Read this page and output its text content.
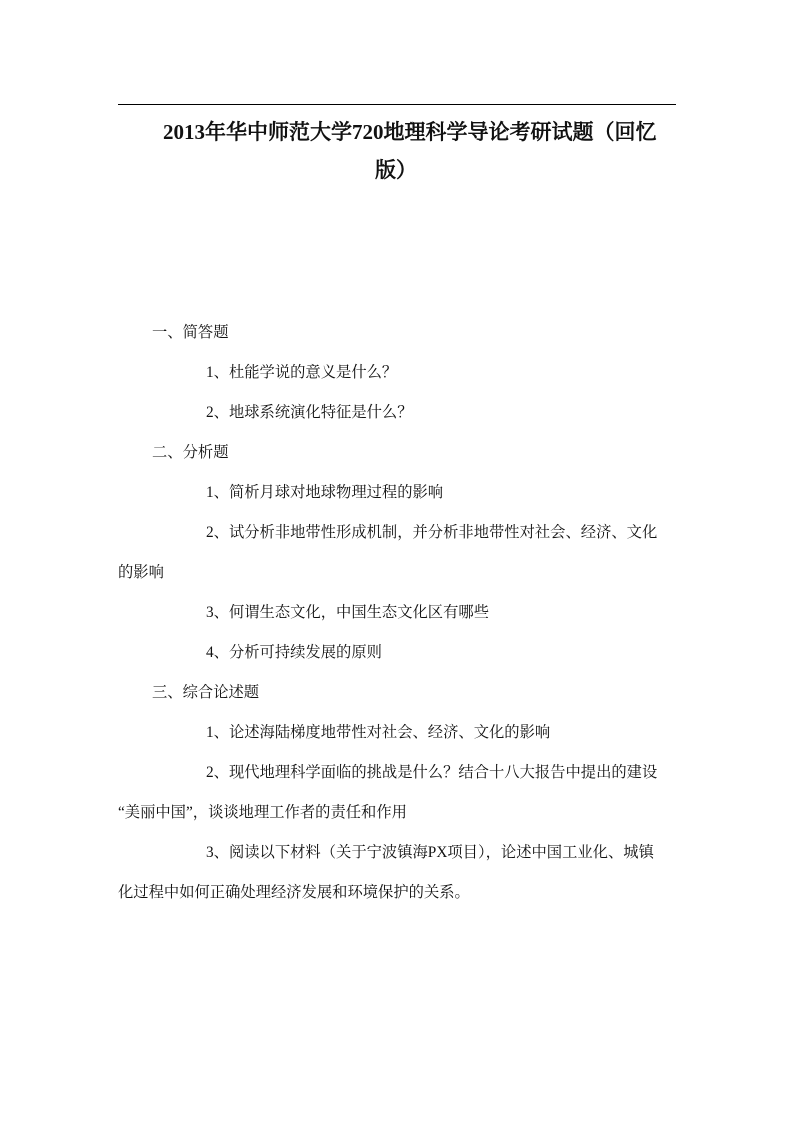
2013年华中师范大学720地理科学导论考研试题（回忆
版）
一、简答题
1、杜能学说的意义是什么？
2、地球系统演化特征是什么？
二、分析题
1、简析月球对地球物理过程的影响
2、试分析非地带性形成机制，并分析非地带性对社会、经济、文化
的影响
3、何谓生态文化，中国生态文化区有哪些
4、分析可持续发展的原则
三、综合论述题
1、论述海陆梯度地带性对社会、经济、文化的影响
2、现代地理科学面临的挑战是什么？结合十八大报告中提出的建设
“美丽中国”，谈谈地理工作者的责任和作用
3、阅读以下材料（关于宁波镇海PX项目），论述中国工业化、城镇
化过程中如何正确处理经济发展和环境保护的关系。
